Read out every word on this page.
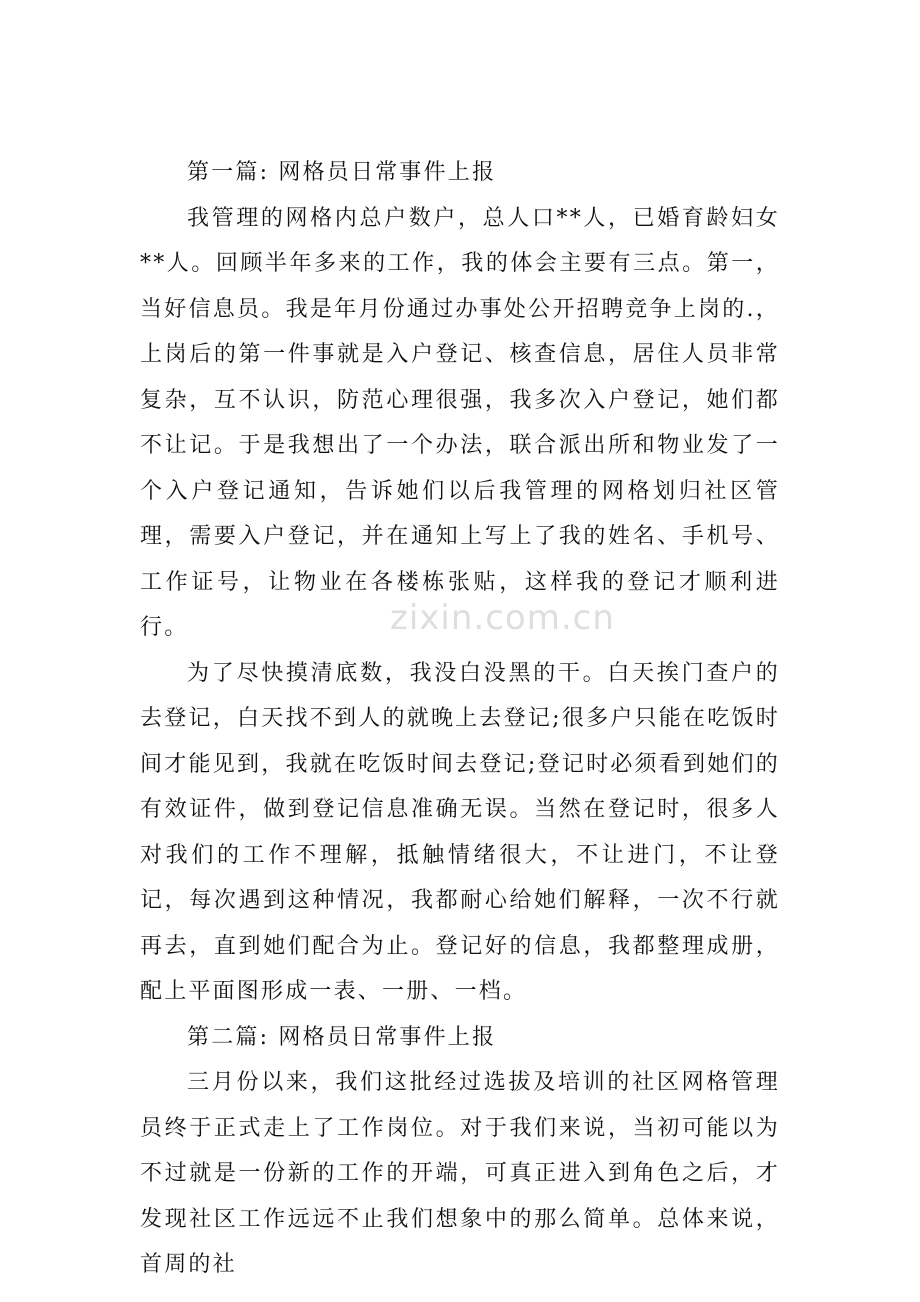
第一篇: 网格员日常事件上报

我管理的网格内总户数户，总人口**人，已婚育龄妇女**人。回顾半年多来的工作，我的体会主要有三点。第一，当好信息员。我是年月份通过办事处公开招聘竞争上岗的.，上岗后的第一件事就是入户登记、核查信息，居住人员非常复杂，互不认识，防范心理很强，我多次入户登记，她们都不让记。于是我想出了一个办法，联合派出所和物业发了一个入户登记通知，告诉她们以后我管理的网格划归社区管理，需要入户登记，并在通知上写上了我的姓名、手机号、工作证号，让物业在各楼栋张贴，这样我的登记才顺利进行。

为了尽快摸清底数，我没白没黑的干。白天挨门查户的去登记，白天找不到人的就晚上去登记;很多户只能在吃饭时间才能见到，我就在吃饭时间去登记;登记时必须看到她们的有效证件，做到登记信息准确无误。当然在登记时，很多人对我们的工作不理解，抵触情绪很大，不让进门，不让登记，每次遇到这种情况，我都耐心给她们解释，一次不行就再去，直到她们配合为止。登记好的信息，我都整理成册，配上平面图形成一表、一册、一档。

第二篇: 网格员日常事件上报

三月份以来，我们这批经过选拔及培训的社区网格管理员终于正式走上了工作岗位。对于我们来说，当初可能以为不过就是一份新的工作的开端，可真正进入到角色之后，才发现社区工作远远不止我们想象中的那么简单。总体来说，首周的社

zixin.com.cn
